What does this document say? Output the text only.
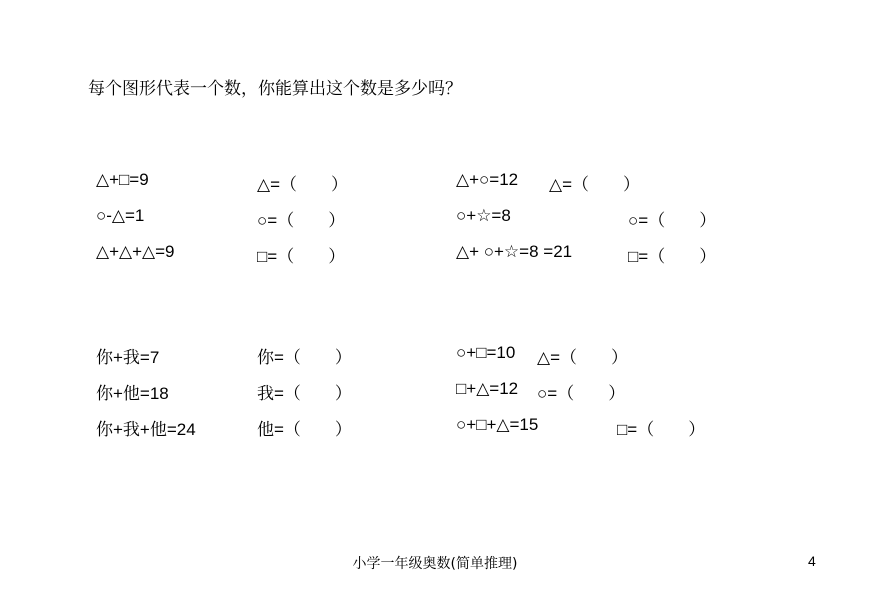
每个图形代表一个数，你能算出这个数是多少吗？
△+□=9
○-△=1
△+△+△=9
△=（　　）
○=（　　）
□=（　　）
△+○=12
○+☆=8
△+ ○+☆=8 =21
△=（　　）
○=（　　）
□=（　　）
你+我=7
你+他=18
你+我+他=24
你=（　　）
我=（　　）
他=（　　）
○+□=10
□+△=12
○+□+△=15
△=（　　）
○=（　　）
□=（　　）
小学一年级奥数(简单推理)	4
